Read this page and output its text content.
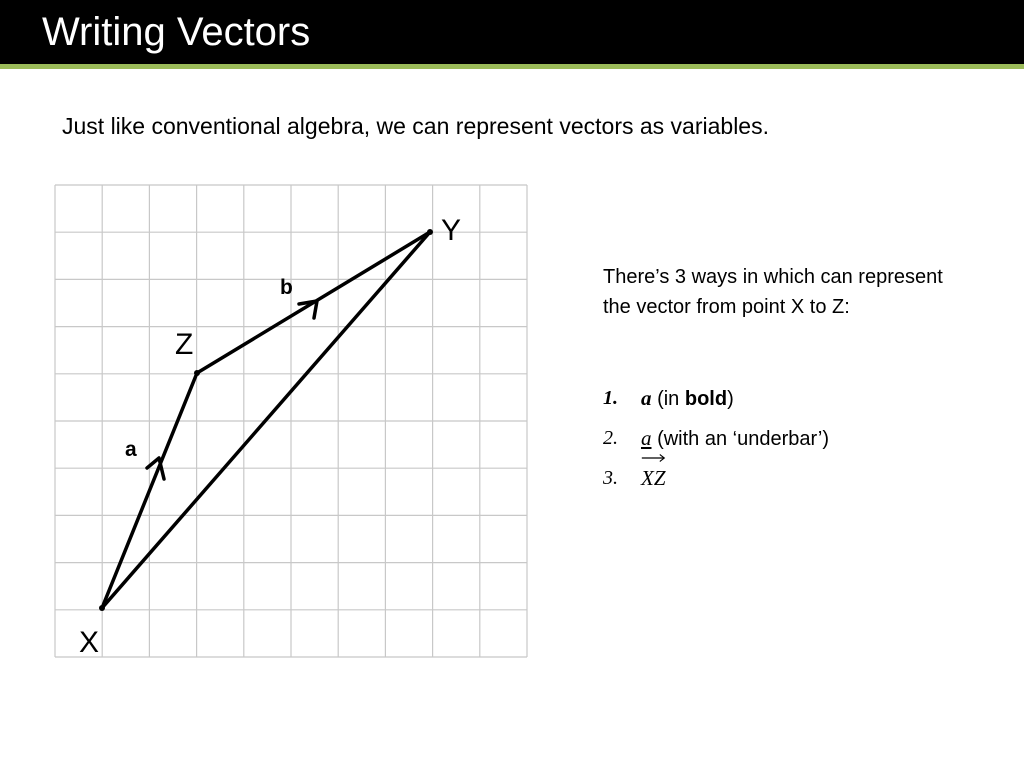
Writing Vectors
Just like conventional algebra, we can represent vectors as variables.
Y
Z
X
a
b	There’s 3 ways in which can represent the vector from point X to Z:
1.	a (in bold)
2.	a (with an ‘underbar’)
3.	XZ
